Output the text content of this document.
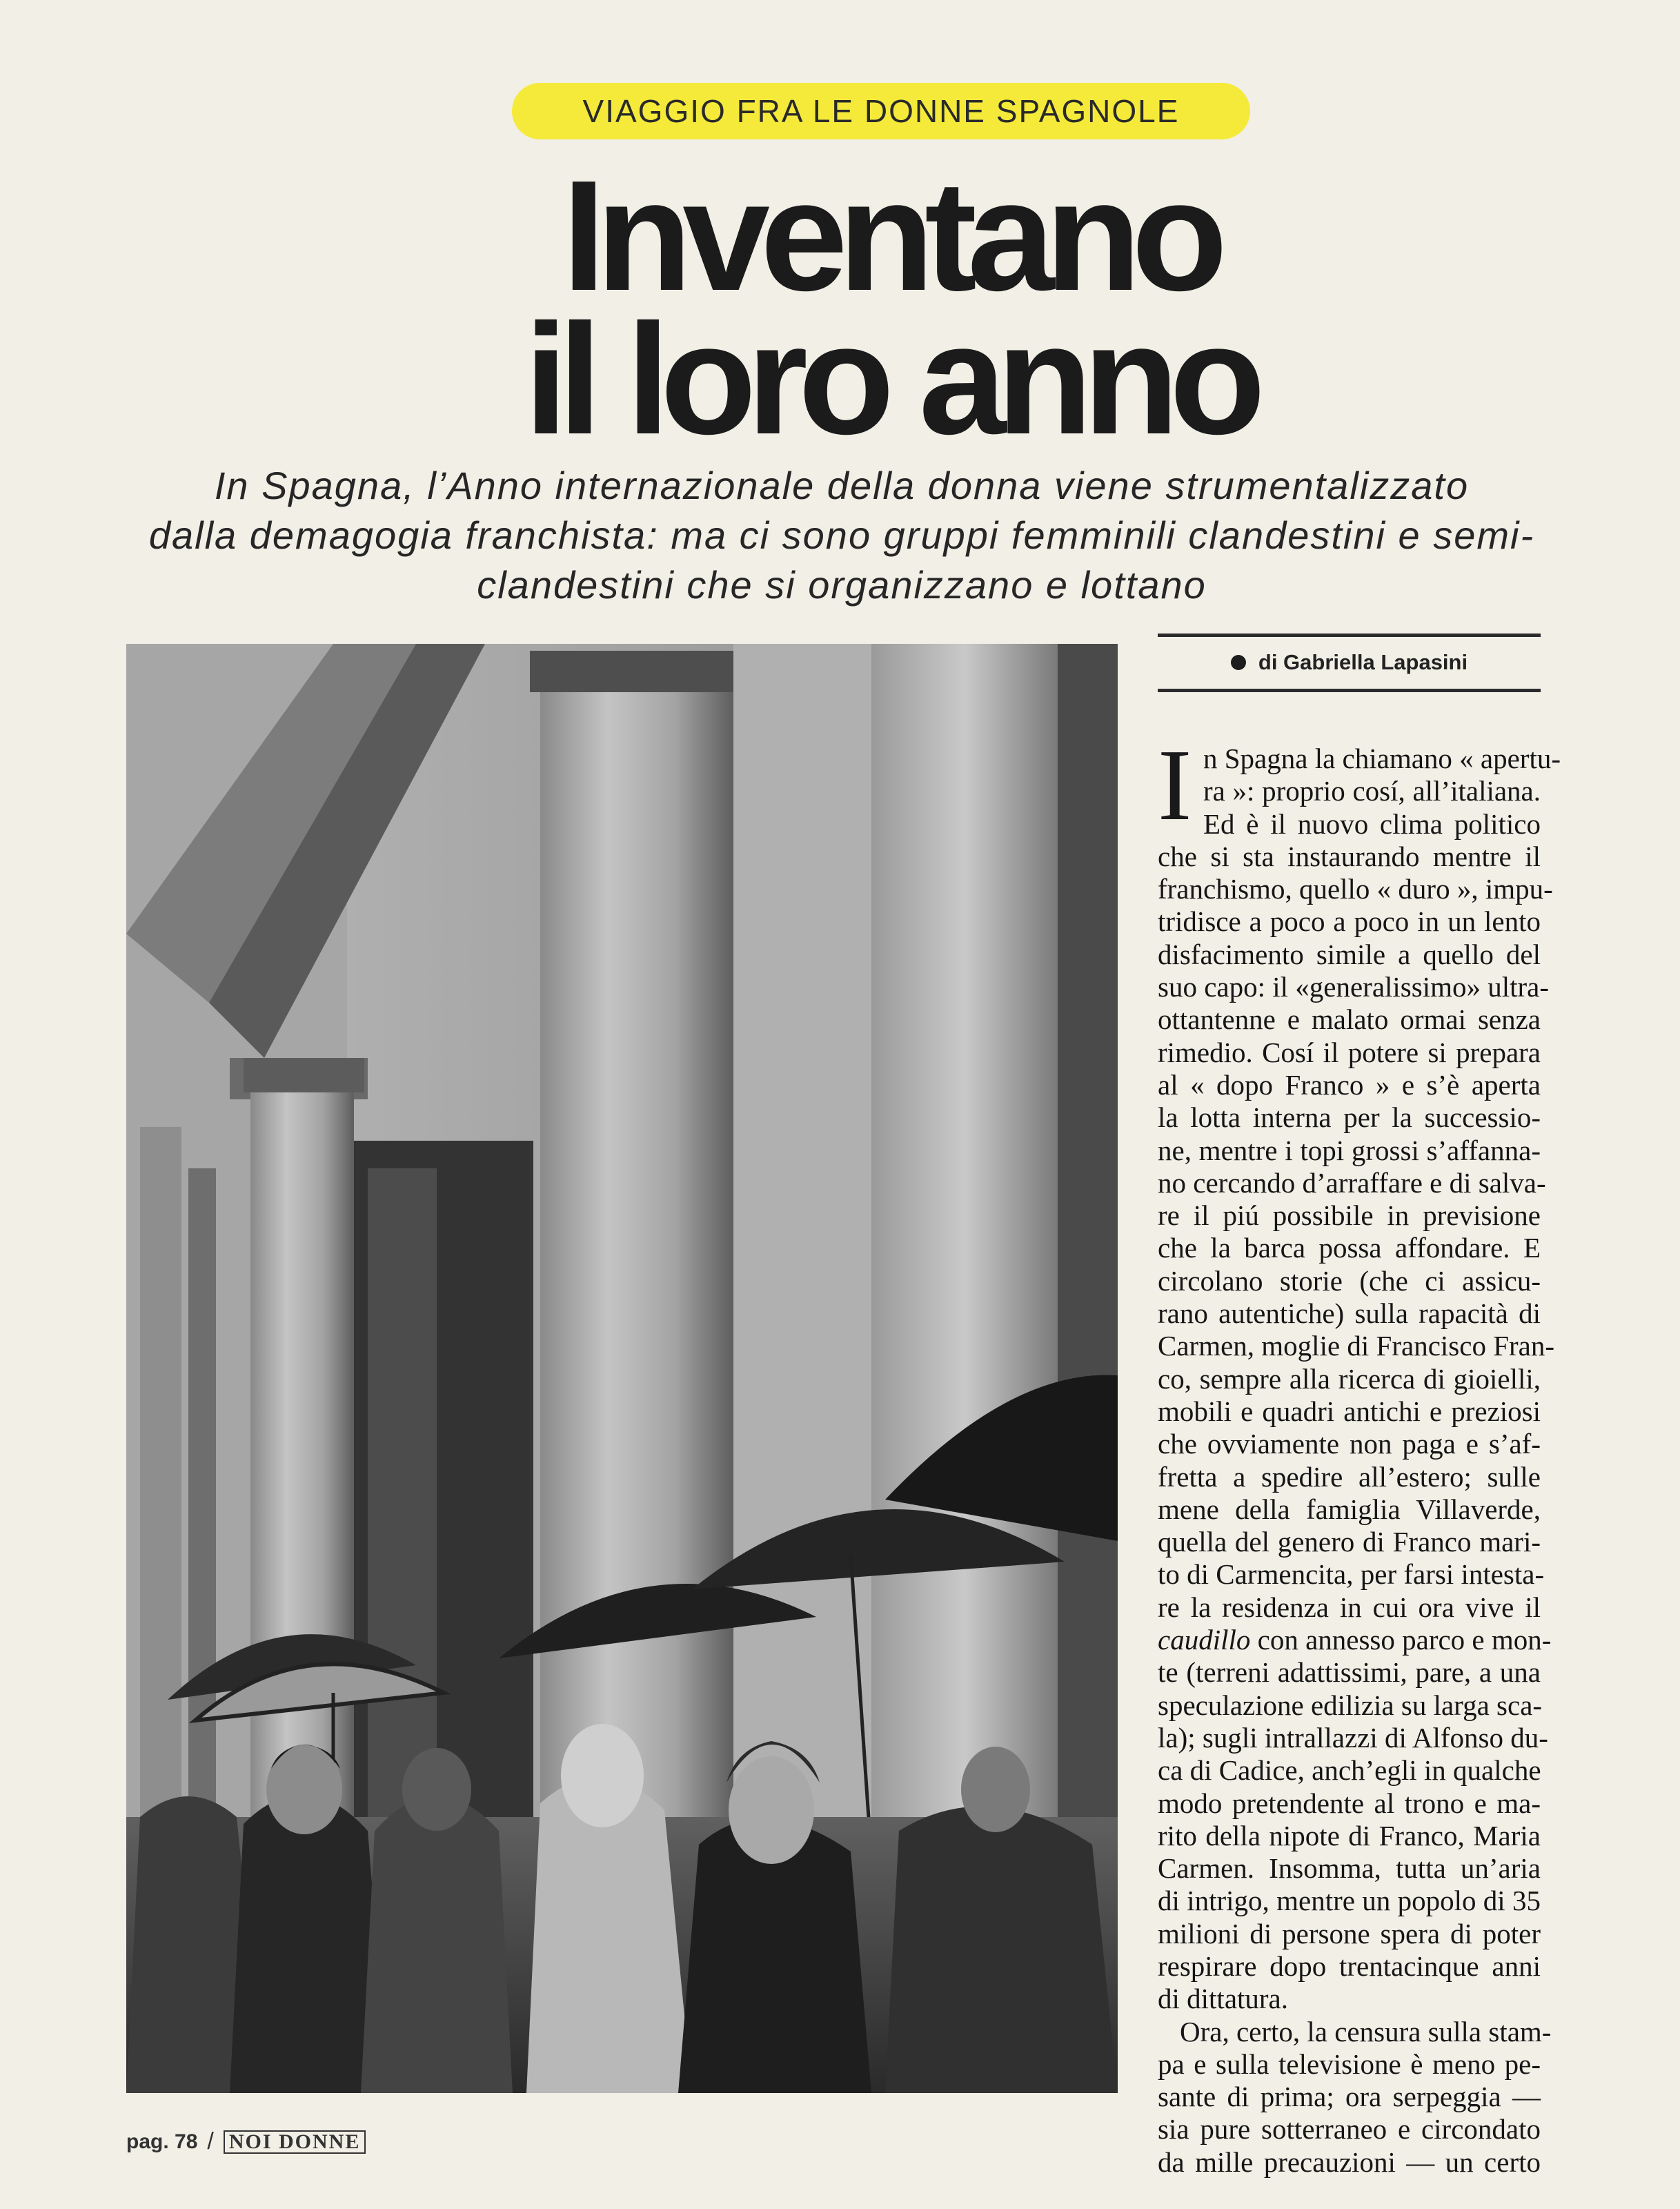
VIAGGIO FRA LE DONNE SPAGNOLE
Inventano
il loro anno
In Spagna, l’Anno internazionale della donna viene strumentalizzato
dalla demagogia franchista: ma ci sono gruppi femminili clandestini e semi-
clandestini che si organizzano e lottano
di Gabriella Lapasini
I n Spagna la chiamano « apertu-
ra »: proprio cosí, all’italiana.
Ed è il nuovo clima politico
che si sta instaurando mentre il
franchismo, quello « duro », impu-
tridisce a poco a poco in un lento
disfacimento simile a quello del
suo capo: il «generalissimo» ultra-
ottantenne e malato ormai senza
rimedio. Cosí il potere si prepara
al « dopo Franco » e s’è aperta
la lotta interna per la successio-
ne, mentre i topi grossi s’affanna-
no cercando d’arraffare e di salva-
re il piú possibile in previsione
che la barca possa affondare. E
circolano storie (che ci assicu-
rano autentiche) sulla rapacità di
Carmen, moglie di Francisco Fran-
co, sempre alla ricerca di gioielli,
mobili e quadri antichi e preziosi
che ovviamente non paga e s’af-
fretta a spedire all’estero; sulle
mene della famiglia Villaverde,
quella del genero di Franco mari-
to di Carmencita, per farsi intesta-
re la residenza in cui ora vive il
caudillo con annesso parco e mon-
te (terreni adattissimi, pare, a una
speculazione edilizia su larga sca-
la); sugli intrallazzi di Alfonso du-
ca di Cadice, anch’egli in qualche
modo pretendente al trono e ma-
rito della nipote di Franco, Maria
Carmen. Insomma, tutta un’aria
di intrigo, mentre un popolo di 35
milioni di persone spera di poter
respirare dopo trentacinque anni
di dittatura.
Ora, certo, la censura sulla stam-
pa e sulla televisione è meno pe-
sante di prima; ora serpeggia —
sia pure sotterraneo e circondato
da mille precauzioni — un certo
pag. 78 / NOI DONNE
